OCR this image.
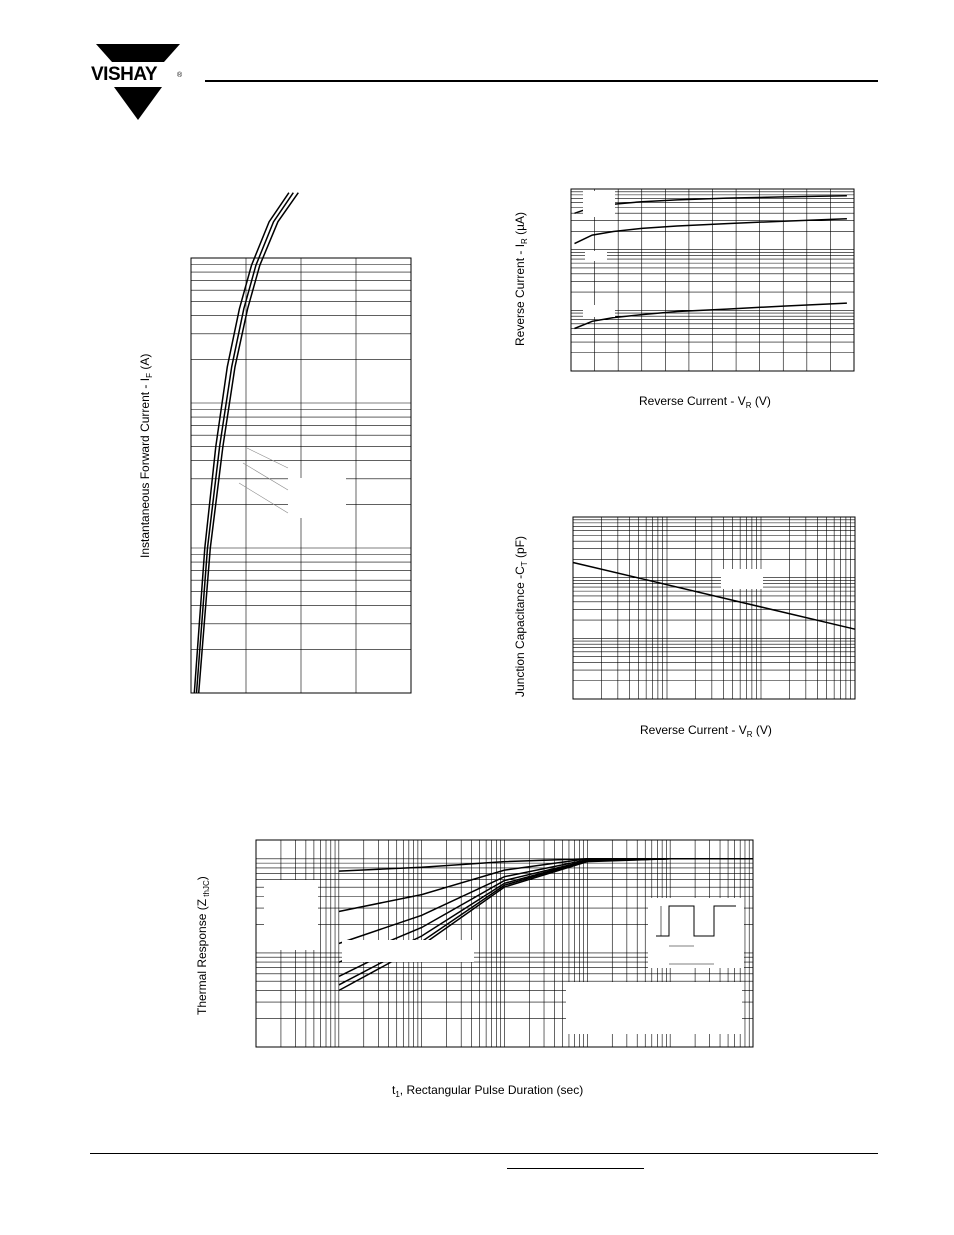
VISHAY	®
Instantaneous Forward Current - $I_F$ (A)
Reverse Current - $I_R$ (µA)
Reverse Current - $V_R$ (V)
Junction Capacitance $-C_T$ (pF)
Reverse Current - $V_R$ (V)
Thermal Response (Z $_{thJC}$)
$t_1$, Rectangular Pulse Duration (sec)
